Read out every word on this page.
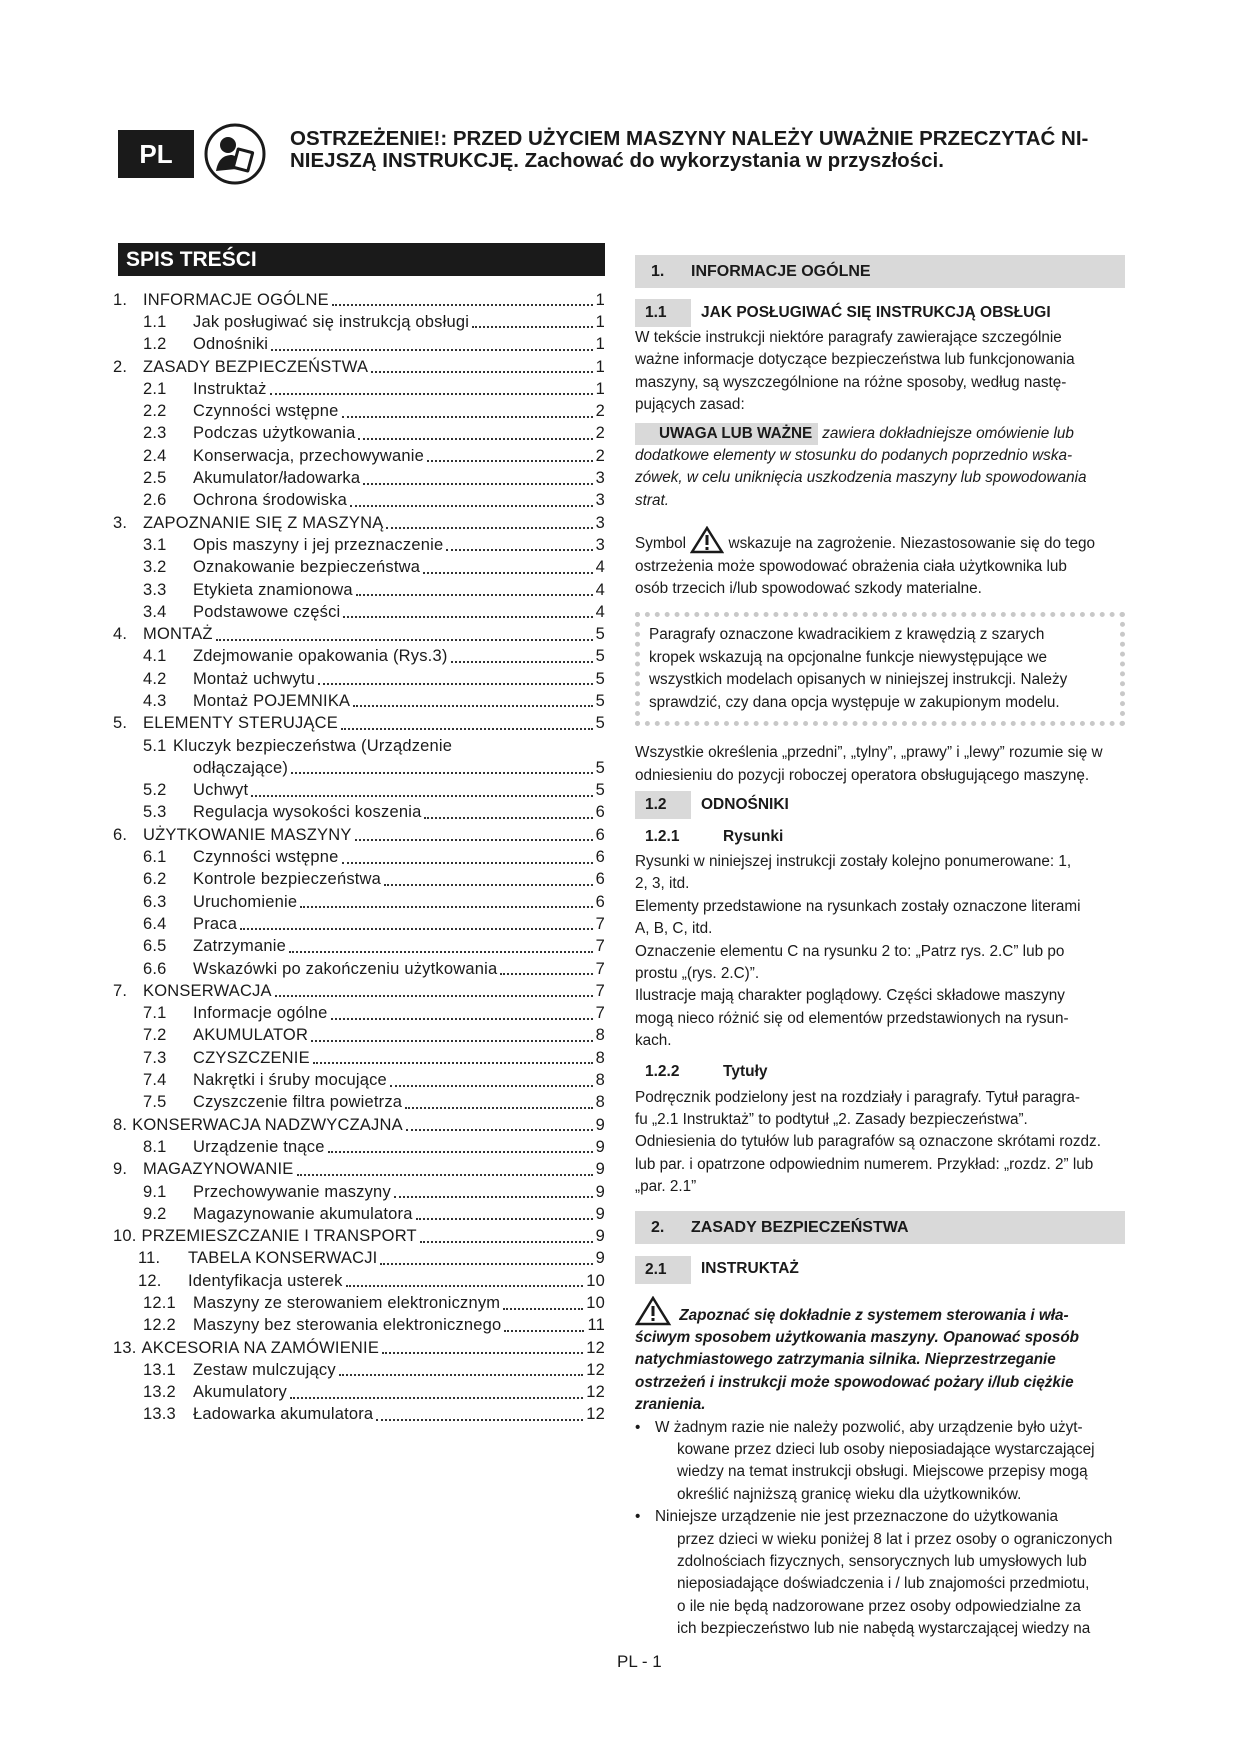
PL	OSTRZEŻENIE!: PRZED UŻYCIEM MASZYNY NALEŻY UWAŻNIE PRZECZYTAĆ NI-
NIEJSZĄ INSTRUKCJĘ. Zachować do wykorzystania w przyszłości.
SPIS TREŚCI
1. INFORMACJE OGÓLNE	1
1.1	Jak posługiwać się instrukcją obsługi	1
1.2	Odnośniki	1
2. ZASADY BEZPIECZEŃSTWA	1
2.1	Instruktaż	1
2.2	Czynności wstępne	2
2.3	Podczas użytkowania	2
2.4	Konserwacja, przechowywanie	2
2.5	Akumulator/ładowarka	3
2.6	Ochrona środowiska	3
3. ZAPOZNANIE SIĘ Z MASZYNĄ	3
3.1	Opis maszyny i jej przeznaczenie	3
3.2	Oznakowanie bezpieczeństwa	4
3.3	Etykieta znamionowa	4
3.4	Podstawowe części	4
4. MONTAŻ	5
4.1	Zdejmowanie opakowania (Rys.3)	5
4.2	Montaż uchwytu	5
4.3	Montaż POJEMNIKA	5
5. ELEMENTY STERUJĄCE	5
5.1 Kluczyk bezpieczeństwa (Urządzenie
odłączające)	5
5.2	Uchwyt	5
5.3	Regulacja wysokości koszenia	6
6. UŻYTKOWANIE MASZYNY	6
6.1	Czynności wstępne	6
6.2	Kontrole bezpieczeństwa	6
6.3	Uruchomienie	6
6.4	Praca	7
6.5	Zatrzymanie	7
6.6	Wskazówki po zakończeniu użytkowania	7
7. KONSERWACJA	7
7.1	Informacje ogólne	7
7.2	AKUMULATOR	8
7.3	CZYSZCZENIE	8
7.4	Nakrętki i śruby mocujące	8
7.5	Czyszczenie filtra powietrza	8
8. KONSERWACJA NADZWYCZAJNA	9
8.1	Urządzenie tnące	9
9. MAGAZYNOWANIE	9
9.1	Przechowywanie maszyny	9
9.2	Magazynowanie akumulatora	9
10. PRZEMIESZCZANIE I TRANSPORT	9
11.	TABELA KONSERWACJI	9
12.	Identyfikacja usterek	10
12.1	Maszyny ze sterowaniem elektronicznym	10
12.2	Maszyny bez sterowania elektronicznego	11
13. AKCESORIA NA ZAMÓWIENIE	12
13.1	Zestaw mulczujący	12
13.2	Akumulatory	12
13.3	Ładowarka akumulatora	12
1. INFORMACJE OGÓLNE
1.1	JAK POSŁUGIWAĆ SIĘ INSTRUKCJĄ OBSŁUGI
W tekście instrukcji niektóre paragrafy zawierające szczególnie
ważne informacje dotyczące bezpieczeństwa lub funkcjonowania
maszyny, są wyszczególnione na różne sposoby, według nastę-
pujących zasad:
UWAGA LUB WAŻNE zawiera dokładniejsze omówienie lub
dodatkowe elementy w stosunku do podanych poprzednio wska-
zówek, w celu uniknięcia uszkodzenia maszyny lub spowodowania
strat.
Symbol	wskazuje na zagrożenie. Niezastosowanie się do tego
ostrzeżenia może spowodować obrażenia ciała użytkownika lub
osób trzecich i/lub spowodować szkody materialne.
Paragrafy oznaczone kwadracikiem z krawędzią z szarych
kropek wskazują na opcjonalne funkcje niewystępujące we
wszystkich modelach opisanych w niniejszej instrukcji. Należy
sprawdzić, czy dana opcja występuje w zakupionym modelu.
Wszystkie określenia „przedni”, „tylny”, „prawy” i „lewy” rozumie się w
odniesieniu do pozycji roboczej operatora obsługującego maszynę.
1.2	ODNOŚNIKI
1.2.1	Rysunki
Rysunki w niniejszej instrukcji zostały kolejno ponumerowane: 1,
2, 3, itd.
Elementy przedstawione na rysunkach zostały oznaczone literami
A, B, C, itd.
Oznaczenie elementu C na rysunku 2 to: „Patrz rys. 2.C” lub po
prostu „(rys. 2.C)”.
Ilustracje mają charakter poglądowy. Części składowe maszyny
mogą nieco różnić się od elementów przedstawionych na rysun-
kach.
1.2.2	Tytuły
Podręcznik podzielony jest na rozdziały i paragrafy. Tytuł paragra-
fu „2.1 Instruktaż” to podtytuł „2. Zasady bezpieczeństwa”.
Odniesienia do tytułów lub paragrafów są oznaczone skrótami rozdz.
lub par. i opatrzone odpowiednim numerem. Przykład: „rozdz. 2” lub
„par. 2.1”
2. ZASADY BEZPIECZEŃSTWA
2.1	INSTRUKTAŻ
Zapoznać się dokładnie z systemem sterowania i wła-
ściwym sposobem użytkowania maszyny. Opanować sposób
natychmiastowego zatrzymania silnika. Nieprzestrzeganie
ostrzeżeń i instrukcji może spowodować pożary i/lub ciężkie
zranienia.
• W żadnym razie nie należy pozwolić, aby urządzenie było użyt-
kowane przez dzieci lub osoby nieposiadające wystarczającej
wiedzy na temat instrukcji obsługi. Miejscowe przepisy mogą
określić najniższą granicę wieku dla użytkowników.
• Niniejsze urządzenie nie jest przeznaczone do użytkowania
przez dzieci w wieku poniżej 8 lat i przez osoby o ograniczonych
zdolnościach fizycznych, sensorycznych lub umysłowych lub
nieposiadające doświadczenia i / lub znajomości przedmiotu,
o ile nie będą nadzorowane przez osoby odpowiedzialne za
ich bezpieczeństwo lub nie nabędą wystarczającej wiedzy na
PL - 1
